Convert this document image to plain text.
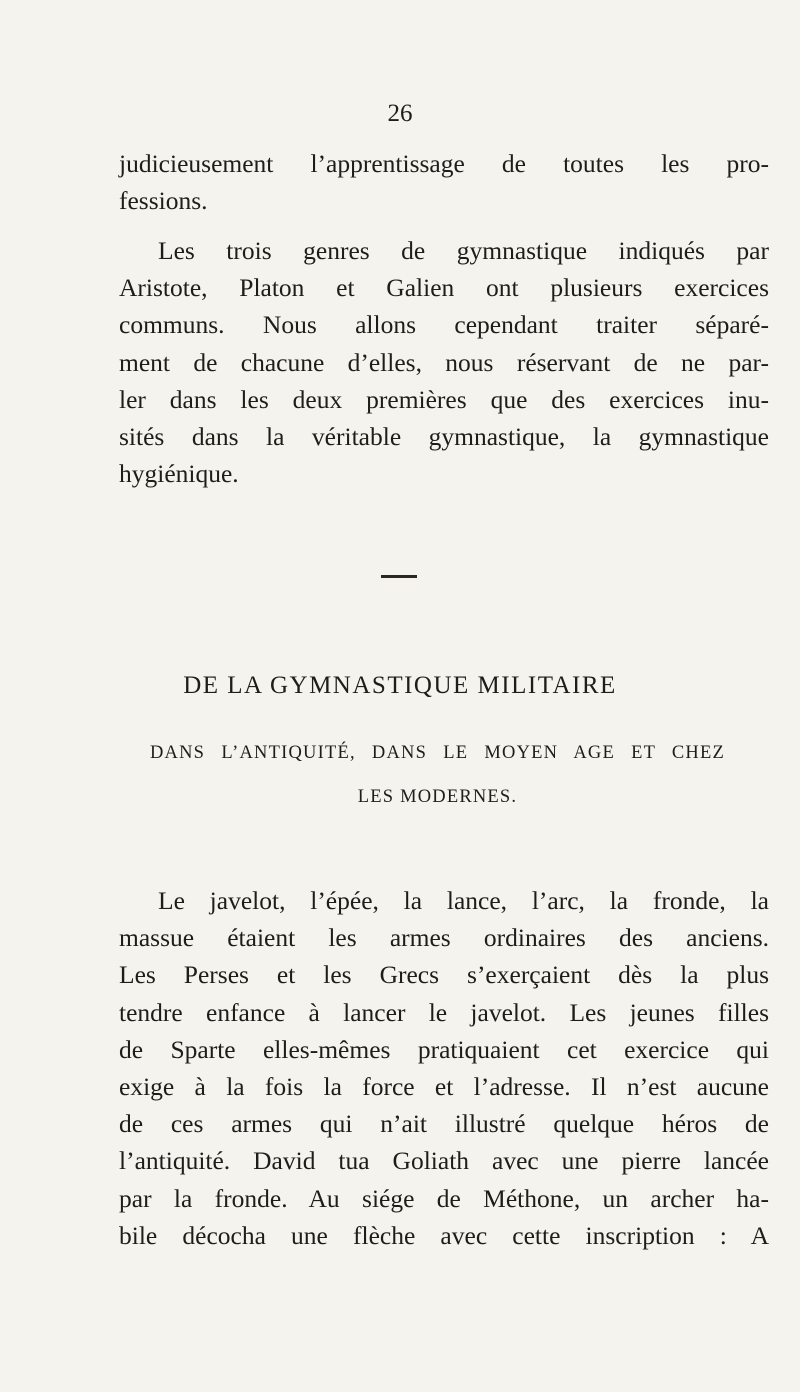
26
judicieusement l’apprentissage de toutes les pro-
fessions.
Les trois genres de gymnastique indiqués par
Aristote, Platon et Galien ont plusieurs exercices
communs. Nous allons cependant traiter séparé-
ment de chacune d’elles, nous réservant de ne par-
ler dans les deux premières que des exercices inu-
sités dans la véritable gymnastique, la gymnastique
hygiénique.
DE LA GYMNASTIQUE MILITAIRE
DANS L’ANTIQUITÉ, DANS LE MOYEN AGE ET CHEZ
LES MODERNES.
Le javelot, l’épée, la lance, l’arc, la fronde, la
massue étaient les armes ordinaires des anciens.
Les Perses et les Grecs s’exerçaient dès la plus
tendre enfance à lancer le javelot. Les jeunes filles
de Sparte elles-mêmes pratiquaient cet exercice qui
exige à la fois la force et l’adresse. Il n’est aucune
de ces armes qui n’ait illustré quelque héros de
l’antiquité. David tua Goliath avec une pierre lancée
par la fronde. Au siége de Méthone, un archer ha-
bile décocha une flèche avec cette inscription : A
